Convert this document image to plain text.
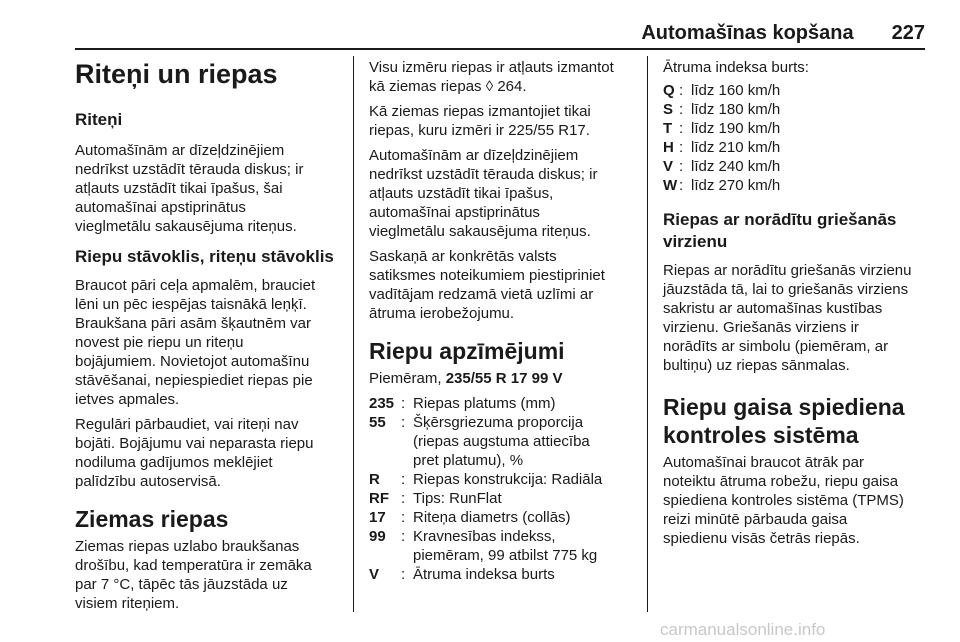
Automašīnas kopšana 227
Riteņi un riepas
Riteņi

Automašīnām ar dīzeļdzinējiem
nedrīkst uzstādīt tērauda diskus; ir
atļauts uzstādīt tikai īpašus, šai
automašīnai apstiprinātus
vieglmetālu sakausējuma riteņus.

Riepu stāvoklis, riteņu stāvoklis

Braucot pāri ceļa apmalēm, brauciet
lēni un pēc iespējas taisnākā leņķī.
Braukšana pāri asām šķautnēm var
novest pie riepu un riteņu
bojājumiem. Novietojot automašīnu
stāvēšanai, nepiespiediet riepas pie
ietves apmales.

Regulāri pārbaudiet, vai riteņi nav
bojāti. Bojājumu vai neparasta riepu
nodiluma gadījumos meklējiet
palīdzību autoservisā.

Ziemas riepas

Ziemas riepas uzlabo braukšanas
drošību, kad temperatūra ir zemāka
par 7 °C, tāpēc tās jāuzstāda uz
visiem riteņiem.

Visu izmēru riepas ir atļauts izmantot
kā ziemas riepas ◊ 264.

Kā ziemas riepas izmantojiet tikai
riepas, kuru izmēri ir 225/55 R17.

Automašīnām ar dīzeļdzinējiem
nedrīkst uzstādīt tērauda diskus; ir
atļauts uzstādīt tikai īpašus,
automašīnai apstiprinātus
vieglmetālu sakausējuma riteņus.

Saskaņā ar konkrētās valsts
satiksmes noteikumiem piestipriniet
vadītājam redzamā vietā uzlīmi ar
ātruma ierobežojumu.

Riepu apzīmējumi

Piemēram, 235/55 R 17 99 V

235	:	Riepas platums (mm)
55	:	Šķērsgriezuma proporcija
(riepas augstuma attiecība
pret platumu), %
R	:	Riepas konstrukcija: Radiāla
RF	:	Tips: RunFlat
17	:	Riteņa diametrs (collās)
99	:	Kravnesības indekss,
piemēram, 99 atbilst 775 kg
V	:	Ātruma indeksa burts

Ātruma indeksa burts:

Q	:	līdz 160 km/h
S	:	līdz 180 km/h
T	:	līdz 190 km/h
H	:	līdz 210 km/h
V	:	līdz 240 km/h
W	:	līdz 270 km/h
Riepas ar norādītu griešanās
virzienu

Riepas ar norādītu griešanās virzienu
jāuzstāda tā, lai to griešanās virziens
sakristu ar automašīnas kustības
virzienu. Griešanās virziens ir
norādīts ar simbolu (piemēram, ar
bultiņu) uz riepas sānmalas.

Riepu gaisa spiediena
kontroles sistēma

Automašīnai braucot ātrāk par
noteiktu ātruma robežu, riepu gaisa
spiediena kontroles sistēma (TPMS)
reizi minūtē pārbauda gaisa
spiedienu visās četrās riepās.

carmanualsonline.info
